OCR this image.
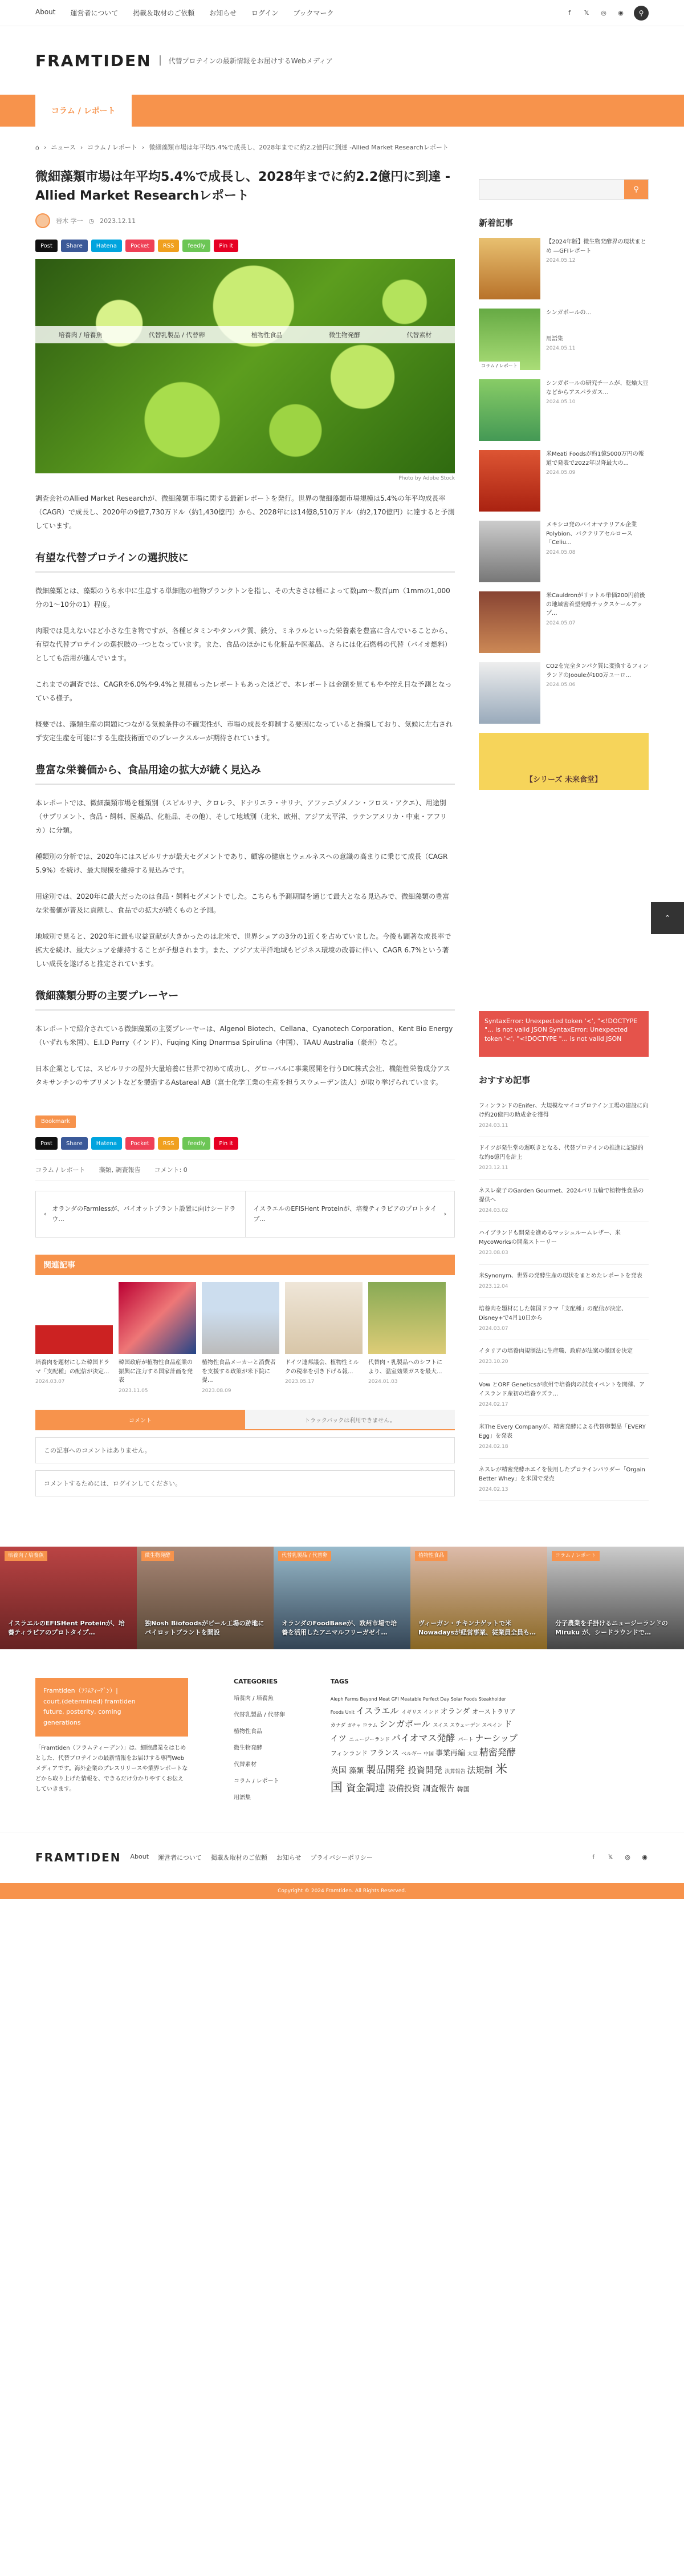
About 運営者について 掲載＆取材のご依頼 お知らせ ログイン ブックマーク	f	𝕏 ◎ ◉	⚲
FRAMTIDEN	代替プロテインの最新情報をお届けするWebメディア
コラム / レポート
⌂ › ニュース › コラム / レポート › 微細藻類市場は年平均5.4%で成長し、2028年までに約2.2億円に到達 -Allied Market Researchレポート
微細藻類市場は年平均5.4%で成長し、2028年までに約2.2億円に到達 -Allied Market Researchレポート
岩木 学一 ◷ 2023.12.11
Post	Share	Hatena	Pocket	RSS	feedly	Pin it
培養肉 / 培養魚	代替乳製品 / 代替卵	植物性食品	微生物発酵	代替素材
Photo by Adobe Stock

調査会社のAllied Market Researchが、微細藻類市場に関する最新レポートを発行。世界の微細藻類市場規模は5.4%の年平均成長率（CAGR）で成長し、2020年の9億7,730万ドル（約1,430億円）から、2028年には14億8,510万ドル（約2,170億円）に達すると予測しています。

有望な代替プロテインの選択肢に

微細藻類とは、藻類のうち水中に生息する単細胞の植物プランクトンを指し、その大きさは種によって数μm〜数百μm（1mmの1,000分の1〜10分の1）程度。

肉眼では見えないほど小さな生き物ですが、各種ビタミンやタンパク質、鉄分、ミネラルといった栄養素を豊富に含んでいることから、有望な代替プロテインの選択肢の一つとなっています。また、食品のほかにも化粧品や医薬品、さらには化石燃料の代替（バイオ燃料）としても活用が進んでいます。

これまでの調査では、CAGRを6.0%や9.4%と見積もったレポートもあったほどで、本レポートは金額を見てもやや控え目な予測となっている様子。

概要では、藻類生産の問題につながる気候条件の不確実性が、市場の成長を抑制する要因になっていると指摘しており、気候に左右されず安定生産を可能にする生産技術面でのブレークスルーが期待されています。

豊富な栄養価から、食品用途の拡大が続く見込み

本レポートでは、微細藻類市場を種類別（スピルリナ、クロレラ、ドナリエラ・サリナ、アファニゾメノン・フロス・アクエ）、用途別（サプリメント、食品・飼料、医薬品、化粧品、その他）、そして地域別（北米、欧州、アジア太平洋、ラテンアメリカ・中東・アフリカ）に分類。

種類別の分析では、2020年にはスピルリナが最大セグメントであり、顧客の健康とウェルネスへの意識の高まりに乗じて成長（CAGR 5.9%）を続け、最大規模を維持する見込みです。

用途別では、2020年に最大だったのは食品・飼料セグメントでした。こちらも予測期間を通じて最大となる見込みで、微細藻類の豊富な栄養価が普及に貢献し、食品での拡大が続くものと予測。

地域別で見ると、2020年に最も収益貢献が大きかったのは北米で、世界シェアの3分の1近くを占めていました。今後も顕著な成長率で拡大を続け、最大シェアを維持することが予想されます。また、アジア太平洋地域もビジネス環境の改善に伴い、CAGR 6.7%という著しい成長を遂げると推定されています。

微細藻類分野の主要プレーヤー

本レポートで紹介されている微細藻類の主要プレーヤーは、Algenol Biotech、Cellana、Cyanotech Corporation、Kent Bio Energy（いずれも米国）、E.I.D Parry（インド）、Fuqing King Dnarmsa Spirulina（中国）、TAAU Australia（豪州）など。

日本企業としては、スピルリナの屋外大量培養に世界で初めて成功し、グローバルに事業展開を行うDIC株式会社、機能性栄養成分アスタキサンチンのサプリメントなどを製造するAstareal AB（富士化学工業の生産を担うスウェーデン法人）が取り挙げられています。

Bookmark
Post	Share	Hatena	Pocket	RSS	feedly	Pin it
コラム / レポート 藻類, 調査報告 コメント: 0
‹
オランダのFarmlessが、バイオットプラント設置に向けシードラウ...
イスラエルのEFISHent Proteinが、培養ティラピアのプロトタイプ...
›
関連記事
培養肉を題材にした韓国ドラマ「支配種」の配信が決定...
2024.03.07
韓国政府が植物性食品産業の振興に注力する国家計画を発表
2023.11.05
植物性食品メーカーと消費者を支援する政策が米下院に提...
2023.08.09
ドイツ連邦議会、植物性ミルクの税率を引き下げる報...
2023.05.17
代替肉・乳製品へのシフトにより、温室効果ガスを最大...
2024.01.03
コメント	トラックバックは利用できません。
この記事へのコメントはありません。
コメントするためには、ログインしてください。
⚲
新着記事
【2024年版】微生物発酵界の現状まとめ ―GFIレポート
2024.05.12
コラム / レポート
シンガポールの...
用語集
2024.05.11
シンガポールの研究チームが、乾燥大豆などからアスパラガス…
2024.05.10
米Meati Foodsが約1億5000万円の報道で発表で2022年以降最大の...
2024.05.09
メキシコ発のバイオマテリアル企業Polybion、バクテリアセルロース「Celiu...
2024.05.08
米Cauldronがリットル単価200円前後の地域密着型発酵テックスケールアップ...
2024.05.07
CO2を完全タンパク質に変換するフィンランドのJoouleが100万ユーロ...
2024.05.06
【シリーズ 未来食堂】
SyntaxError: Unexpected token '<', "<!DOCTYPE "... is not valid JSON SyntaxError: Unexpected token '<', "<!DOCTYPE "... is not valid JSON
おすすめ記事
フィンランドのEnifer、大規模なマイコプロテイン工場の建設に向け約20億円の助成金を獲得
2024.03.11
ドイツが発生堂の遅咲きとなる、代替プロテインの推進に記録的な約6億円を計上
2023.12.11
ネスレ豪子のGarden Gourmet、2024パリ五輪で植物性食品の提供へ
2024.03.02
ハイブランドも開発を進めるマッシュルームレザー、米MycoWorksの開業ストーリー
2023.08.03
米Synonym、世界の発酵生産の現状をまとめたレポートを発表
2023.12.04
培養肉を題材にした韓国ドラマ「支配種」の配信が決定、Disney+で4月10日から
2024.03.07
イタリアの培養肉規制法に生産職、政府が法案の撤回を決定
2023.10.20
Vow とORF Geneticsが欧州で培養肉の試食イベントを開催、アイスランド産初の培養ウズラ...
2024.02.17
米The Every Companyが、精密発酵による代替卵製品「EVERY Egg」を発表
2024.02.18
ネスレが精密発酵ホエイを使用したプロテインパウダー「Orgain Better Whey」を米国で発売
2024.02.13
⌃
培養肉 / 培養魚
イスラエルのEFISHent Proteinが、培養ティラピアのプロトタイプ…
微生物発酵
独Nosh Biofoodsがビール工場の跡地にパイロットプラントを開設
代替乳製品 / 代替卵
オランダのFoodBaseが、欧州市場で培養を活用したアニマルフリーガゼイ…
植物性食品
ヴィーガン・チキンナゲットで米Nowadaysが経営事業、従業員全員も…
コラム / レポート
分子農業を手掛けるニュージーランドのMiruku が、シードラウンドで…
Framtiden（ﾌﾗﾑﾃｨｰﾃﾞﾝ）|
court.(determined) framtiden
future, posterity, coming
generations
「Framtiden（フラムティーデン）」は、細胞農業をはじめとした、代替プロテインの最新情報をお届けする専門Webメディアです。海外企業のプレスリリースや業界レポートなどから取り上げた情報を、できるだけ分かりやすくお伝えしていきます。
CATEGORIES
培養肉 / 培養魚
代替乳製品 / 代替卵
植物性食品
微生物発酵
代替素材
コラム / レポート
用語集
TAGS
Aleph Farms Beyond Meat GFI Meatable Perfect Day Solar Foods Steakholder Foods Unit イスラエル イギリス インド オランダ オーストラリア カナダ ガチャ コラム シンガポール スイス スウェーデン スペイン ドイツ ニュージーランド バイオマス発酵 パート ナーシップ フィンランド フランス ベルギー 中国 事業再編 大豆 精密発酵 英国 藻類 製品開発 投資開発 決算報告 法規制 米国 資金調達 設備投資 調査報告 韓国
FRAMTIDEN About 運営者について 掲載＆取材のご依頼 お知らせ プライバシーポリシー	f	𝕏 ◎ ◉
Copyright © 2024 Framtiden. All Rights Reserved.
